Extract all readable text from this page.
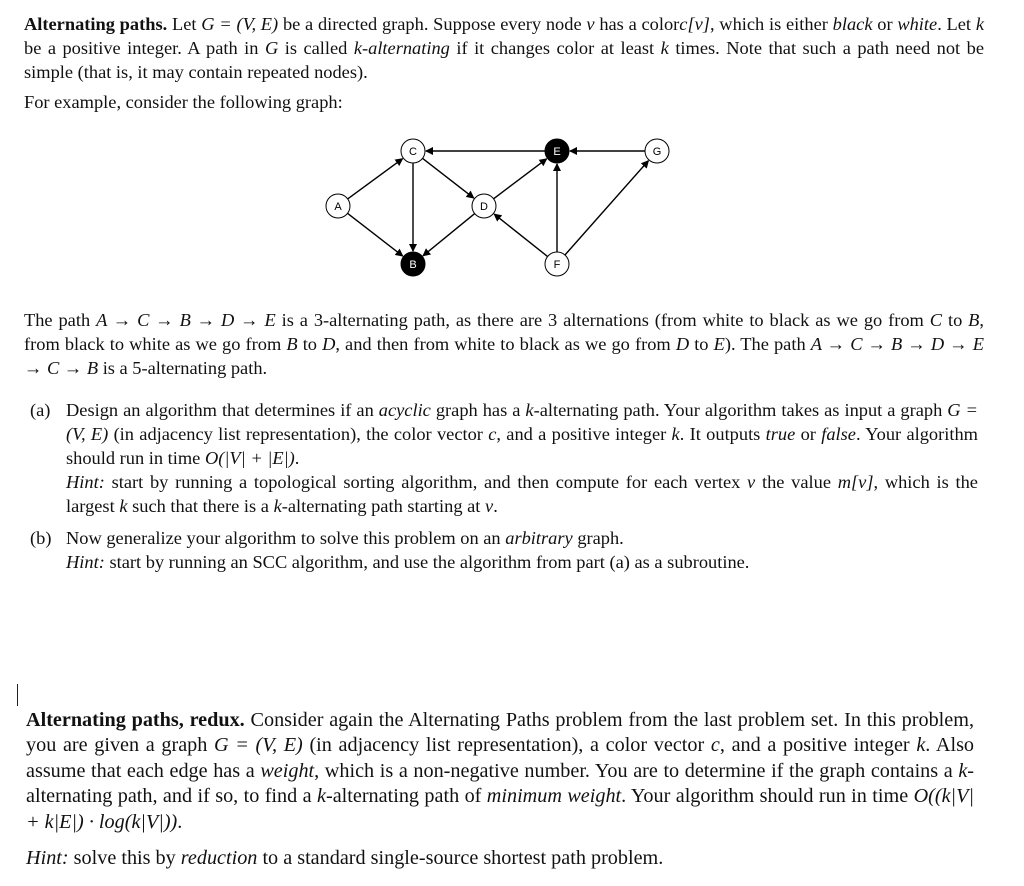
Alternating paths. Let G = (V, E) be a directed graph. Suppose every node v has a colorc[v], which is either black or white. Let k be a positive integer. A path in G is called k-alternating if it changes color at least k times. Note that such a path need not be simple (that is, it may contain repeated nodes).
For example, consider the following graph:
A
B
C
D
E
F
G
The path A → C → B → D → E is a 3-alternating path, as there are 3 alternations (from white to black as we go from C to B, from black to white as we go from B to D, and then from white to black as we go from D to E). The path A → C → B → D → E → C → B is a 5-alternating path.
(a) Design an algorithm that determines if an acyclic graph has a k-alternating path. Your algorithm takes as input a graph G = (V, E) (in adjacency list representation), the color vector c, and a positive integer k. It outputs true or false. Your algorithm should run in time O(|V| + |E|).
Hint: start by running a topological sorting algorithm, and then compute for each vertex v the value m[v], which is the largest k such that there is a k-alternating path starting at v.
(b) Now generalize your algorithm to solve this problem on an arbitrary graph.
Hint: start by running an SCC algorithm, and use the algorithm from part (a) as a subroutine.
Alternating paths, redux. Consider again the Alternating Paths problem from the last problem set. In this problem, you are given a graph G = (V, E) (in adjacency list representation), a color vector c, and a positive integer k. Also assume that each edge has a weight, which is a non-negative number. You are to determine if the graph contains a k-alternating path, and if so, to find a k-alternating path of minimum weight. Your algorithm should run in time O((k|V| + k|E|) · log(k|V|)).
Hint: solve this by reduction to a standard single-source shortest path problem.
